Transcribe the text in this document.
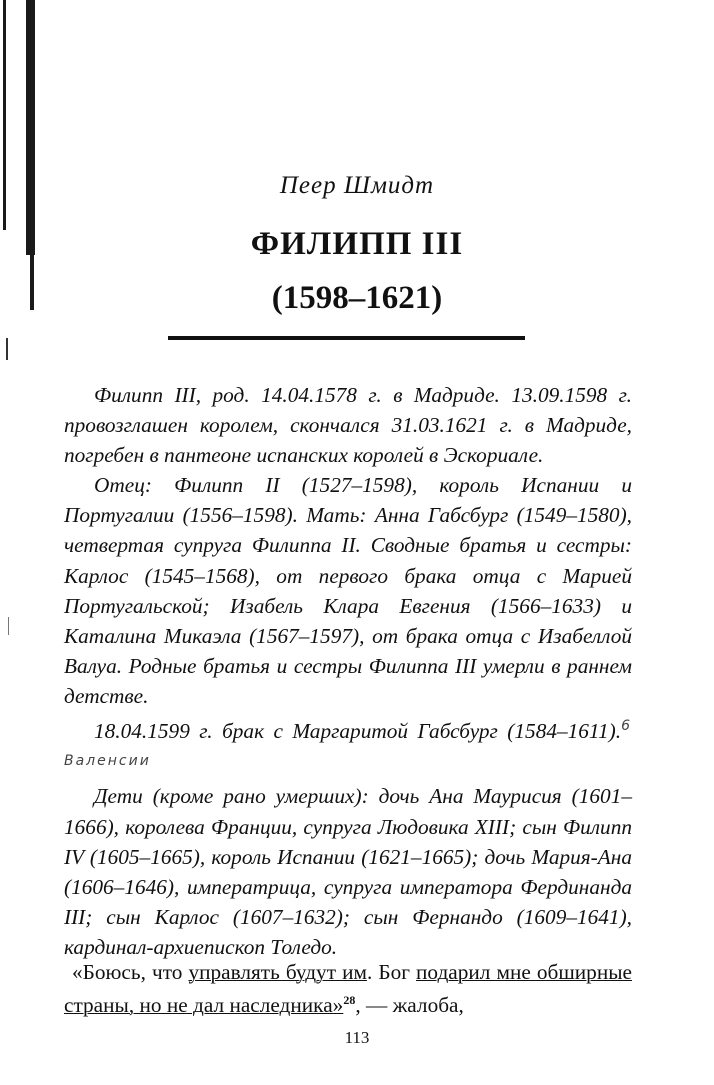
Пеер Шмидт
ФИЛИПП III
(1598–1621)

Филипп III, род. 14.04.1578 г. в Мадриде. 13.09.1598 г. провозглашен королем, скончался 31.03.1621 г. в Мадриде, погребен в пантеоне испанских королей в Эскориале.

Отец: Филипп II (1527–1598), король Испании и Португалии (1556–1598). Мать: Анна Габсбург (1549–1580), четвертая супруга Филиппа II. Сводные братья и сестры: Карлос (1545–1568), от первого брака отца с Марией Португальской; Изабель Клара Евгения (1566–1633) и Каталина Микаэла (1567–1597), от брака отца с Изабеллой Валуа. Родные братья и сестры Филиппа III умерли в раннем детстве.

18.04.1599 г. брак с Маргаритой Габсбург (1584–1611).$^{6 Валенсии}$

Дети (кроме рано умерших): дочь Ана Маурисия (1601–1666), королева Франции, супруга Людовика XIII; сын Филипп IV (1605–1665), король Испании (1621–1665); дочь Мария-Ана (1606–1646), императрица, супруга императора Фердинанда III; сын Карлос (1607–1632); сын Фернандо (1609–1641), кардинал-архиепископ Толедо.

«Боюсь, что управлять будут им. Бог подарил мне обширные страны, но не дал наследника»$^{28}$, — жалоба,

113
